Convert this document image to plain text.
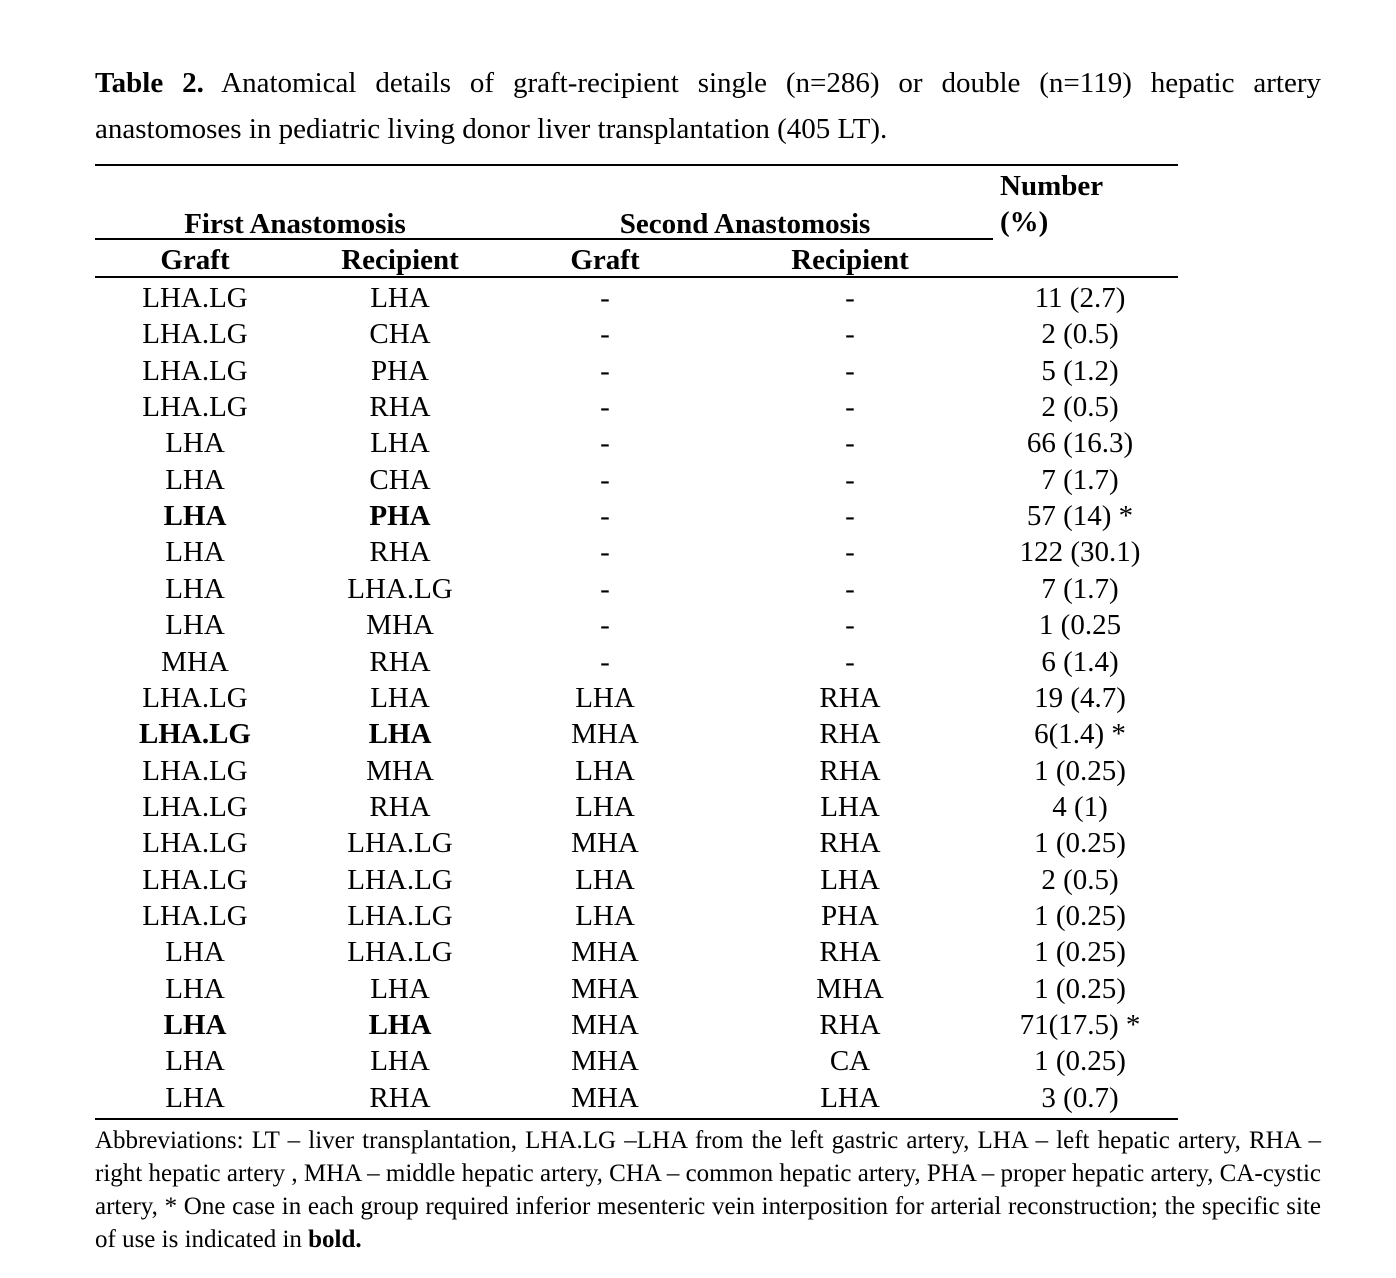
Table 2. Anatomical details of graft-recipient single (n=286) or double (n=119) hepatic artery anastomoses in pediatric living donor liver transplantation (405 LT).
First Anastomosis	Second Anastomosis
Number
(%)
Graft	Recipient	Graft	Recipient
LHA.LG	LHA	-	-	11 (2.7)
LHA.LG	CHA	-	-	2 (0.5)
LHA.LG	PHA	-	-	5 (1.2)
LHA.LG	RHA	-	-	2 (0.5)
LHA	LHA	-	-	66 (16.3)
LHA	CHA	-	-	7 (1.7)
LHA	PHA	-	-	57 (14) *
LHA	RHA	-	-	122 (30.1)
LHA	LHA.LG	-	-	7 (1.7)
LHA	MHA	-	-	1 (0.25
MHA	RHA	-	-	6 (1.4)
LHA.LG	LHA	LHA	RHA	19 (4.7)
LHA.LG	LHA	MHA	RHA	6(1.4) *
LHA.LG	MHA	LHA	RHA	1 (0.25)
LHA.LG	RHA	LHA	LHA	4 (1)
LHA.LG	LHA.LG	MHA	RHA	1 (0.25)
LHA.LG	LHA.LG	LHA	LHA	2 (0.5)
LHA.LG	LHA.LG	LHA	PHA	1 (0.25)
LHA	LHA.LG	MHA	RHA	1 (0.25)
LHA	LHA	MHA	MHA	1 (0.25)
LHA	LHA	MHA	RHA	71(17.5) *
LHA	LHA	MHA	CA	1 (0.25)
LHA	RHA	MHA	LHA	3 (0.7)
Abbreviations: LT – liver transplantation, LHA.LG –LHA from the left gastric artery, LHA – left hepatic artery, RHA – right hepatic artery , MHA – middle hepatic artery, CHA – common hepatic artery, PHA – proper hepatic artery, CA-cystic artery, * One case in each group required inferior mesenteric vein interposition for arterial reconstruction; the specific site of use is indicated in bold.
